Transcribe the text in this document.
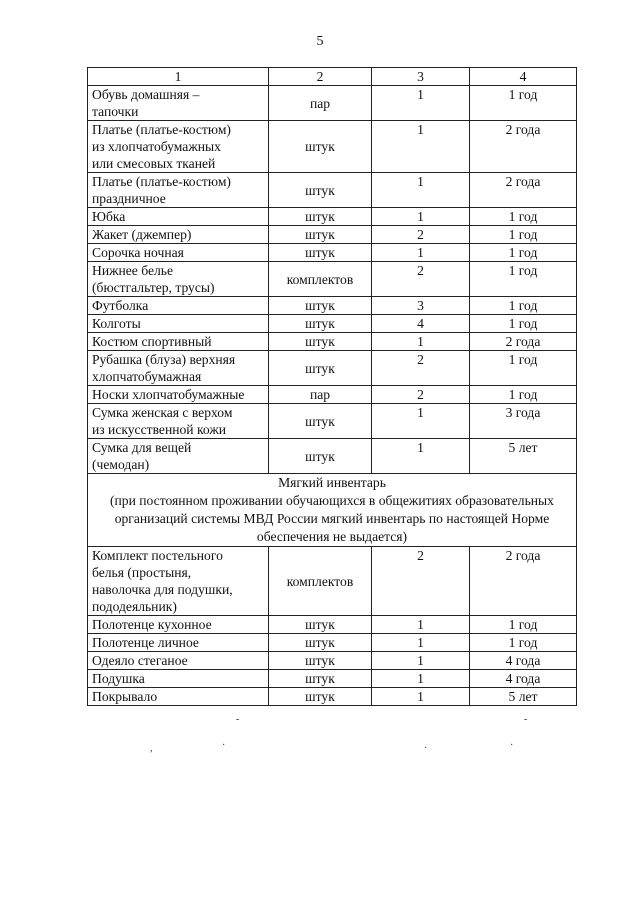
5
1	2	3	4
Обувь домашняя –
тапочки	пар	1	1 год
Платье (платье-костюм)
из хлопчатобумажных
или смесовых тканей	штук	1	2 года
Платье (платье-костюм)
праздничное	штук	1	2 года
Юбка	штук	1	1 год
Жакет (джемпер)	штук	2	1 год
Сорочка ночная	штук	1	1 год
Нижнее белье
(бюстгальтер, трусы)	комплектов	2	1 год
Футболка	штук	3	1 год
Колготы	штук	4	1 год
Костюм спортивный	штук	1	2 года
Рубашка (блуза) верхняя
хлопчатобумажная	штук	2	1 год
Носки хлопчатобумажные	пар	2	1 год
Сумка женская с верхом
из искусственной кожи	штук	1	3 года
Сумка для вещей
(чемодан)	штук	1	5 лет

Мягкий инвентарь
(при постоянном проживании обучающихся в общежитиях образовательных организаций системы МВД России мягкий инвентарь по настоящей Норме обеспечения не выдается)			

Комплект постельного
белья (простыня,
наволочка для подушки,
пододеяльник)	комплектов	2	2 года
Полотенце кухонное	штук	1	1 год
Полотенце личное	штук	1	1 год
Одеяло стеганое	штук	1	4 года
Подушка	штук	1	4 года
Покрывало	штук	1	5 лет
-	-
,	·	·	·
